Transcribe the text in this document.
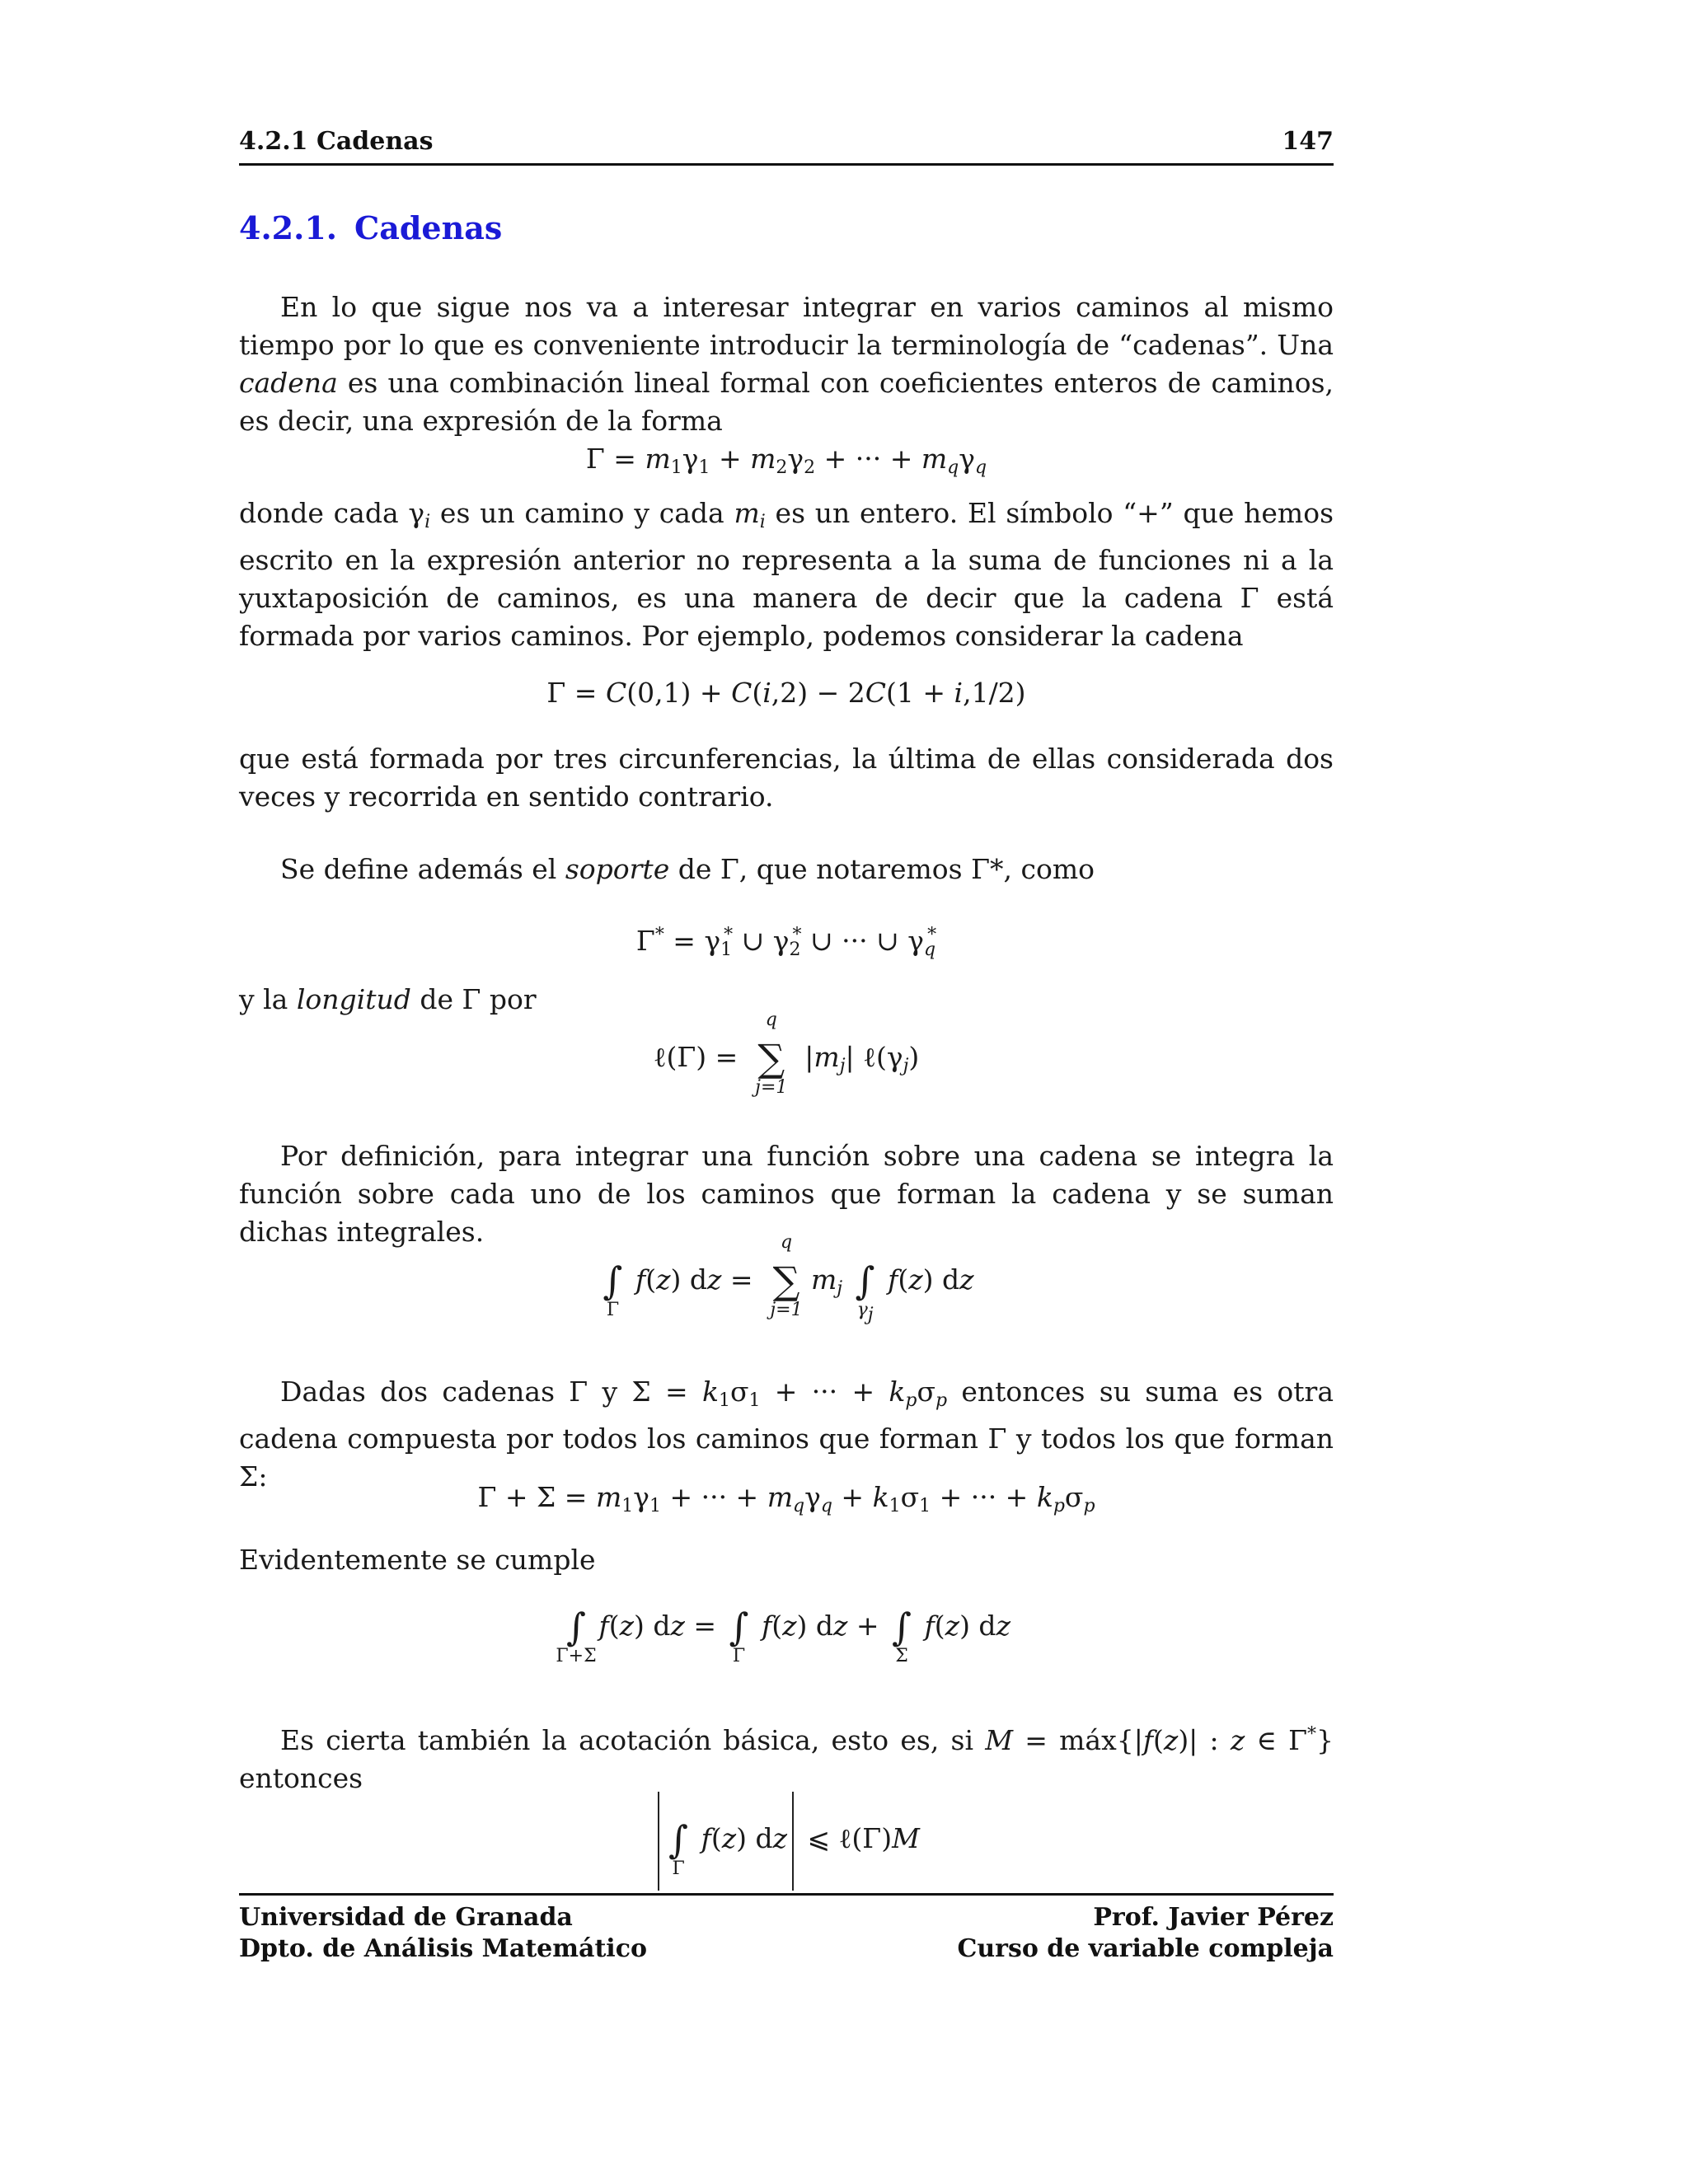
4.2.1 Cadenas	147
4.2.1. Cadenas
En lo que sigue nos va a interesar integrar en varios caminos al mismo tiempo por lo que es conveniente introducir la terminología de “cadenas”. Una cadena es una combinación lineal formal con coeficientes enteros de caminos, es decir, una expresión de la forma
$\Gamma = m_1\gamma_1 + m_2\gamma_2$ + ··· + $m_q\gamma_q$
donde cada $\gamma_i$ es un camino y cada $m_i$ es un entero. El símbolo “+” que hemos escrito en la expresión anterior no representa a la suma de funciones ni a la yuxtaposición de caminos, es una manera de decir que la cadena Γ está formada por varios caminos. Por ejemplo, podemos considerar la cadena
Γ = C(0,1) + C(i,2) − 2C(1 + i,1/2)
que está formada por tres circunferencias, la última de ellas considerada dos veces y recorrida en sentido contrario.
Se define además el soporte de Γ, que notaremos Γ*, como
$\Gamma^* = \gamma_1^*$ ∪ $\gamma_2^*$ ∪ ··· ∪ $\gamma_q^*$
y la longitud de Γ por
ℓ(Γ) = ∑
q
j=1
$|m_j|$ $\ell(\gamma_j)$
Por definición, para integrar una función sobre una cadena se integra la función sobre cada uno de los caminos que forman la cadena y se suman dichas integrales.
∫
Γ
f(z) dz = ∑
q
j=1
$m_j$ ∫
γj
f(z) dz
Dadas dos cadenas Γ y $\Sigma = k_1\sigma_1$ + ··· + $k_p\sigma_p$ entonces su suma es otra cadena compuesta por todos los caminos que forman Γ y todos los que forman Σ:
$\Gamma + \Sigma = m_1\gamma_1$ + ··· + $m_q\gamma_q + k_1\sigma_1$ + ··· + $k_p\sigma_p$
Evidentemente se cumple
∫
Γ+Σ
f(z) dz = ∫
Γ
f(z) dz + ∫
Σ
f(z) dz
Es cierta también la acotación básica, esto es, si M = máx{|f(z)| : z ∈ Γ*} entonces
∫
Γ
f(z) dz ⩽ ℓ(Γ)M
Universidad de Granada
Dpto. de Análisis Matemático
Prof. Javier Pérez
Curso de variable compleja
